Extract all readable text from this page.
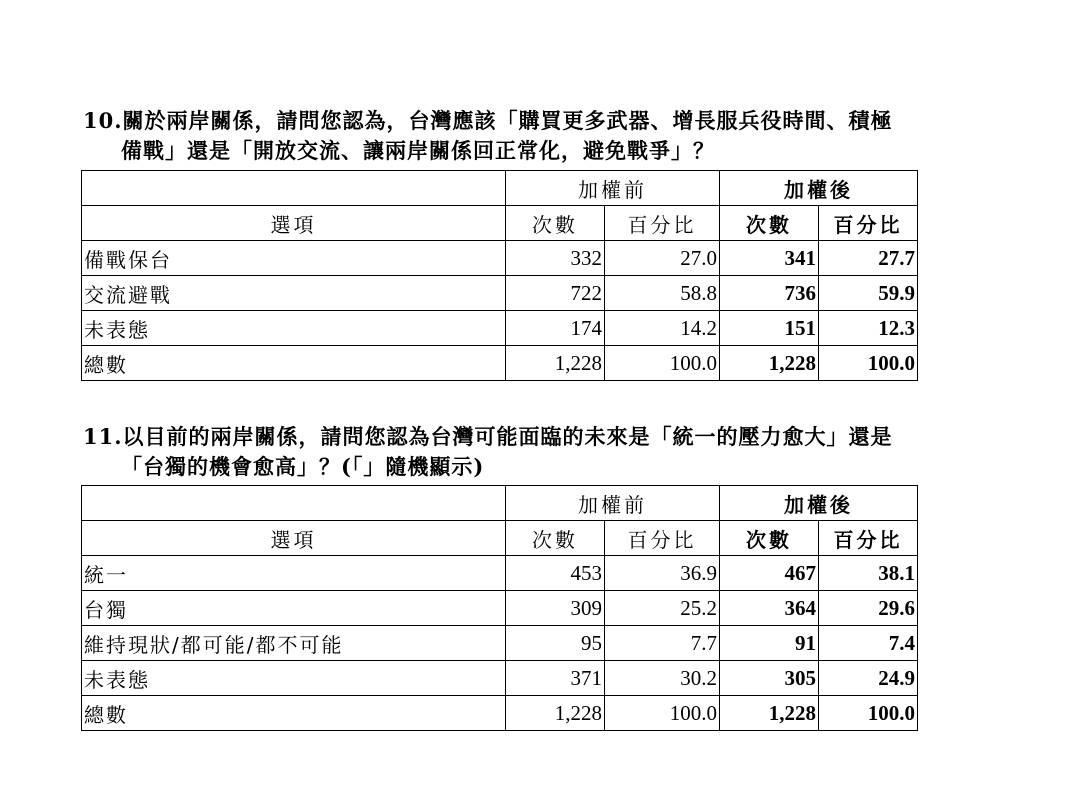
10.關於兩岸關係，請問您認為，台灣應該「購買更多武器、增長服兵役時間、積極
備戰」還是「開放交流、讓兩岸關係回正常化，避免戰爭」？
	加權前		加權後	
選項	次數	百分比	次數	百分比
備戰保台	332	27.0	341	27.7
交流避戰	722	58.8	736	59.9
未表態	174	14.2	151	12.3
總數	1,228	100.0	1,228	100.0
11.以目前的兩岸關係，請問您認為台灣可能面臨的未來是「統一的壓力愈大」還是
「台獨的機會愈高」？(「」隨機顯示)
	加權前		加權後	
選項	次數	百分比	次數	百分比
統一	453	36.9	467	38.1
台獨	309	25.2	364	29.6
維持現狀/都可能/都不可能	95	7.7	91	7.4
未表態	371	30.2	305	24.9
總數	1,228	100.0	1,228	100.0
